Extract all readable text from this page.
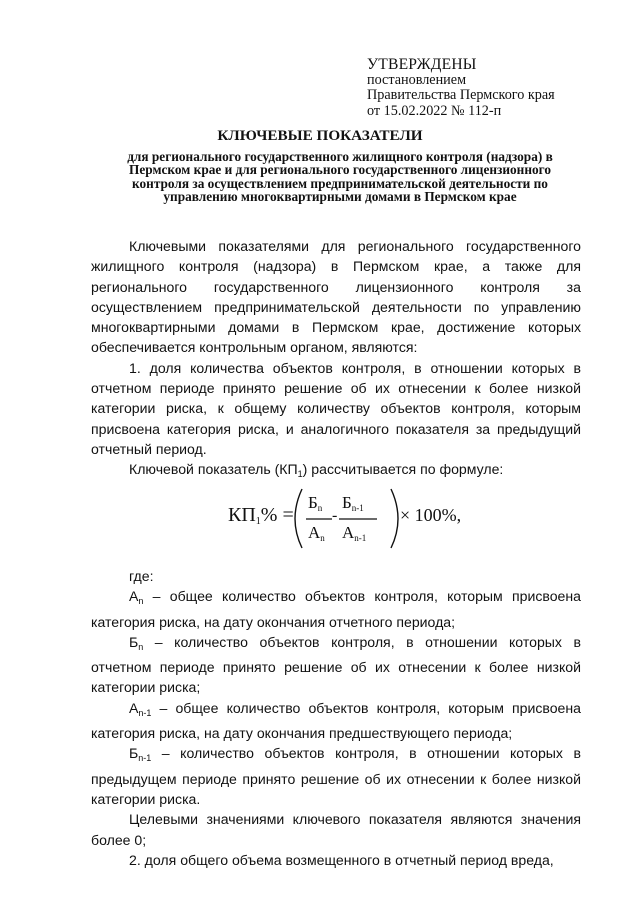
УТВЕРЖДЕНЫ
постановлением
Правительства Пермского края
от 15.02.2022 № 112-п
КЛЮЧЕВЫЕ ПОКАЗАТЕЛИ
для регионального государственного жилищного контроля (надзора) в Пермском крае и для регионального государственного лицензионного контроля за осуществлением предпринимательской деятельности по управлению многоквартирными домами в Пермском крае

Ключевыми показателями для регионального государственного жилищного контроля (надзора) в Пермском крае, а также для регионального государственного лицензионного контроля за осуществлением предпринимательской деятельности по управлению многоквартирными домами в Пермском крае, достижение которых обеспечивается контрольным органом, являются:

1. доля количества объектов контроля, в отношении которых в отчетном периоде принято решение об их отнесении к более низкой категории риска, к общему количеству объектов контроля, которым присвоена категория риска, и аналогичного показателя за предыдущий отчетный период.

Ключевой показатель $(КП_1)$ рассчитывается по формуле:

$КП_1\%$ =
$Б_n$
$А_n$
-
$Б_{n-1}$
$А_{n-1}$
× 100%,

где:

$А_n$ – общее количество объектов контроля, которым присвоена категория риска, на дату окончания отчетного периода;

$Б_n$ – количество объектов контроля, в отношении которых в отчетном периоде принято решение об их отнесении к более низкой категории риска;

$А_{n-1}$ – общее количество объектов контроля, которым присвоена категория риска, на дату окончания предшествующего периода;

$Б_{n-1}$ – количество объектов контроля, в отношении которых в предыдущем периоде принято решение об их отнесении к более низкой категории риска.

Целевыми значениями ключевого показателя являются значения более 0;

2. доля общего объема возмещенного в отчетный период вреда,
